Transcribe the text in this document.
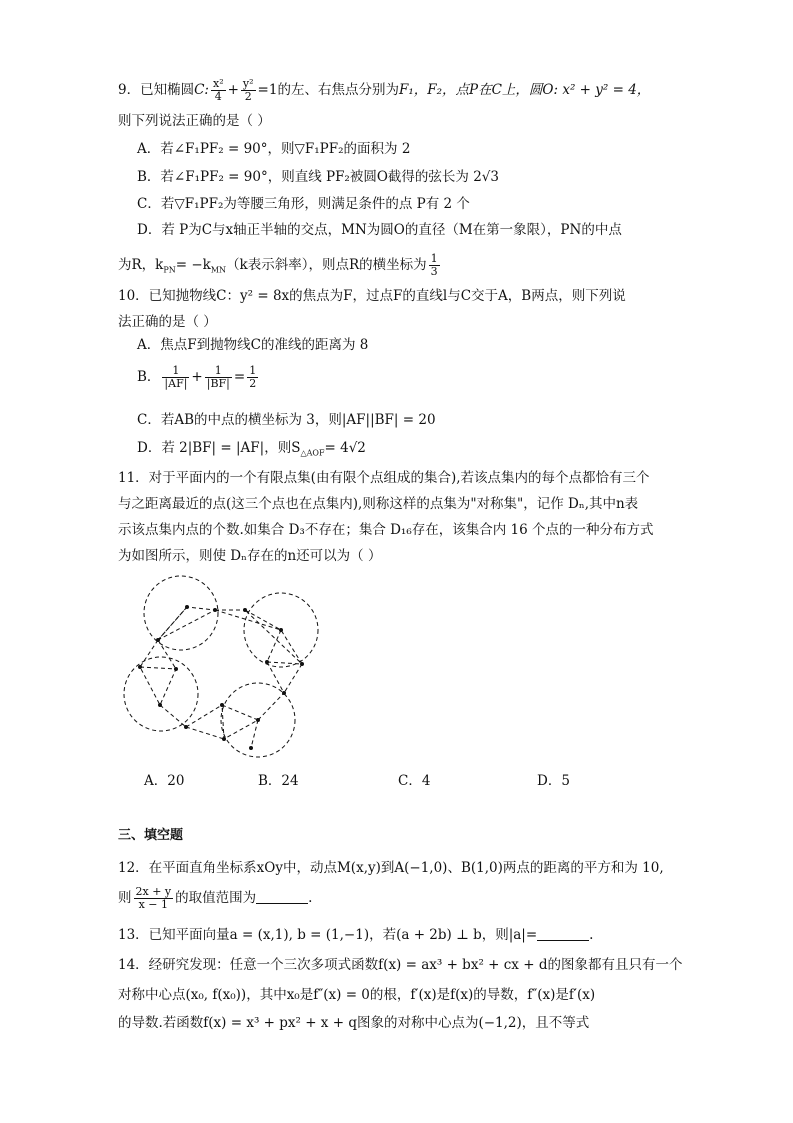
9．已知椭圆C: $\frac{\text{x²}}{4} + \frac{\text{y²}}{2} =1$的左、右焦点分别为F₁，F₂，点P在C上，圆O: x² + y² = 4，
则下列说法正确的是（ ）
A．若∠F₁PF₂ = 90°，则▽F₁PF₂的面积为 2
B．若∠F₁PF₂ = 90°，则直线 PF₂被圆O截得的弦长为 2√3
C．若▽F₁PF₂为等腰三角形，则满足条件的点 P有 2 个
D．若 P为C与x轴正半轴的交点，MN为圆O的直径（M在第一象限），PN的中点
为R，$k_{PN}= -k_{MN}(k$表示斜率），则点R的横坐标为 $\frac{1}{3}$
10．已知抛物线C：y² = 8x的焦点为F，过点F的直线l与C交于A，B两点，则下列说
法正确的是（ ）
A．焦点F到抛物线C的准线的距离为 8
B． $\frac{1}{|AF|} + \frac{1}{|BF|} = \frac{1}{2}$
C．若AB的中点的横坐标为 3，则|AF||BF| = 20
D．若 2|BF| = |AF|，则$S_{\triangle AOF}= 4√2$
11．对于平面内的一个有限点集(由有限个点组成的集合),若该点集内的每个点都恰有三个
与之距离最近的点(这三个点也在点集内),则称这样的点集为"对称集"，记作 Dₙ,其中n表
示该点集内点的个数.如集合 D₃不存在；集合 D₁₆存在，该集合内 16 个点的一种分布方式
为如图所示，则使 Dₙ存在的n还可以为（ ）
A．20	B．24	C．4	D．5
三、填空题
12．在平面直角坐标系xOy中，动点M(x,y)到A(−1,0)、B(1,0)两点的距离的平方和为 10,
则 $\frac{2x + y}{x - 1}$ 的取值范围为	.
13．已知平面向量a = (x,1), b = (1,−1)，若(a + 2b) ⊥ b，则|a|=	.
14．经研究发现：任意一个三次多项式函数f(x) = ax³ + bx² + cx + d的图象都有且只有一个
对称中心点(x₀, f(x₀))，其中x₀是f″(x) = 0的根，f′(x)是f(x)的导数，f″(x)是f′(x)
的导数.若函数f(x) = x³ + px² + x + q图象的对称中心点为(−1,2)，且不等式
